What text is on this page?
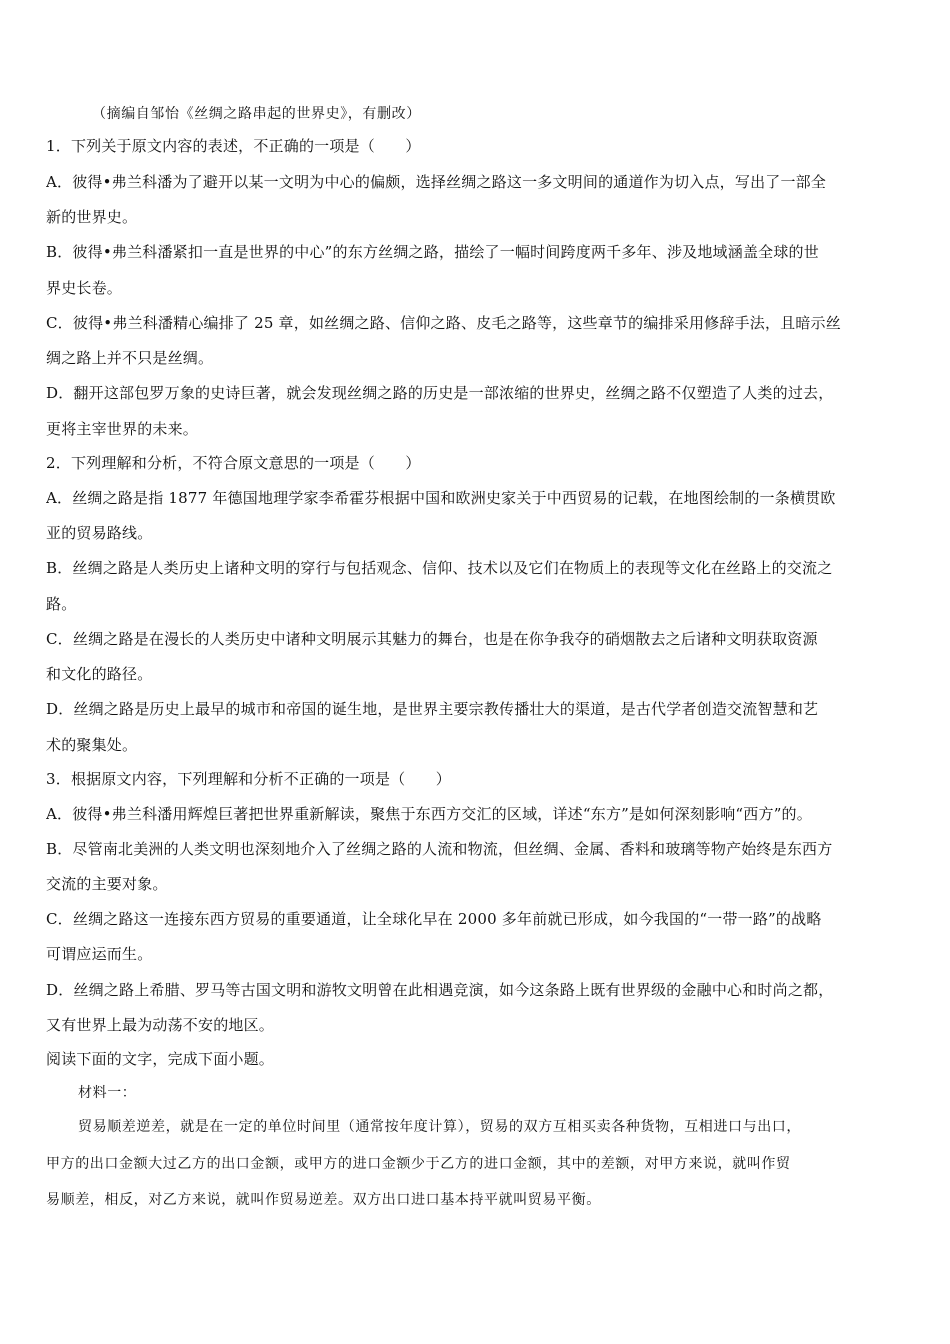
（摘编自邹怡《丝绸之路串起的世界史》，有删改）
1．下列关于原文内容的表述，不正确的一项是（　　）
A．彼得•弗兰科潘为了避开以某一文明为中心的偏颇，选择丝绸之路这一多文明间的通道作为切入点，写出了一部全
新的世界史。
B．彼得•弗兰科潘紧扣一直是世界的中心”的东方丝绸之路，描绘了一幅时间跨度两千多年、涉及地域涵盖全球的世
界史长卷。
C．彼得•弗兰科潘精心编排了 25 章，如丝绸之路、信仰之路、皮毛之路等，这些章节的编排采用修辞手法，且暗示丝
绸之路上并不只是丝绸。
D．翻开这部包罗万象的史诗巨著，就会发现丝绸之路的历史是一部浓缩的世界史，丝绸之路不仅塑造了人类的过去，
更将主宰世界的未来。
2．下列理解和分析，不符合原文意思的一项是（　　）
A．丝绸之路是指 1877 年德国地理学家李希霍芬根据中国和欧洲史家关于中西贸易的记载，在地图绘制的一条横贯欧
亚的贸易路线。
B．丝绸之路是人类历史上诸种文明的穿行与包括观念、信仰、技术以及它们在物质上的表现等文化在丝路上的交流之
路。
C．丝绸之路是在漫长的人类历史中诸种文明展示其魅力的舞台，也是在你争我夺的硝烟散去之后诸种文明获取资源
和文化的路径。
D．丝绸之路是历史上最早的城市和帝国的诞生地，是世界主要宗教传播壮大的渠道，是古代学者创造交流智慧和艺
术的聚集处。
3．根据原文内容，下列理解和分析不正确的一项是（　　）
A．彼得•弗兰科潘用辉煌巨著把世界重新解读，聚焦于东西方交汇的区域，详述“东方”是如何深刻影响“西方”的。
B．尽管南北美洲的人类文明也深刻地介入了丝绸之路的人流和物流，但丝绸、金属、香料和玻璃等物产始终是东西方
交流的主要对象。
C．丝绸之路这一连接东西方贸易的重要通道，让全球化早在 2000 多年前就已形成，如今我国的“一带一路”的战略
可谓应运而生。
D．丝绸之路上希腊、罗马等古国文明和游牧文明曾在此相遇竞演，如今这条路上既有世界级的金融中心和时尚之都，
又有世界上最为动荡不安的地区。
阅读下面的文字，完成下面小题。
材料一：
贸易顺差逆差，就是在一定的单位时间里（通常按年度计算），贸易的双方互相买卖各种货物，互相进口与出口，
甲方的出口金额大过乙方的出口金额，或甲方的进口金额少于乙方的进口金额，其中的差额，对甲方来说，就叫作贸
易顺差，相反，对乙方来说，就叫作贸易逆差。双方出口进口基本持平就叫贸易平衡。
